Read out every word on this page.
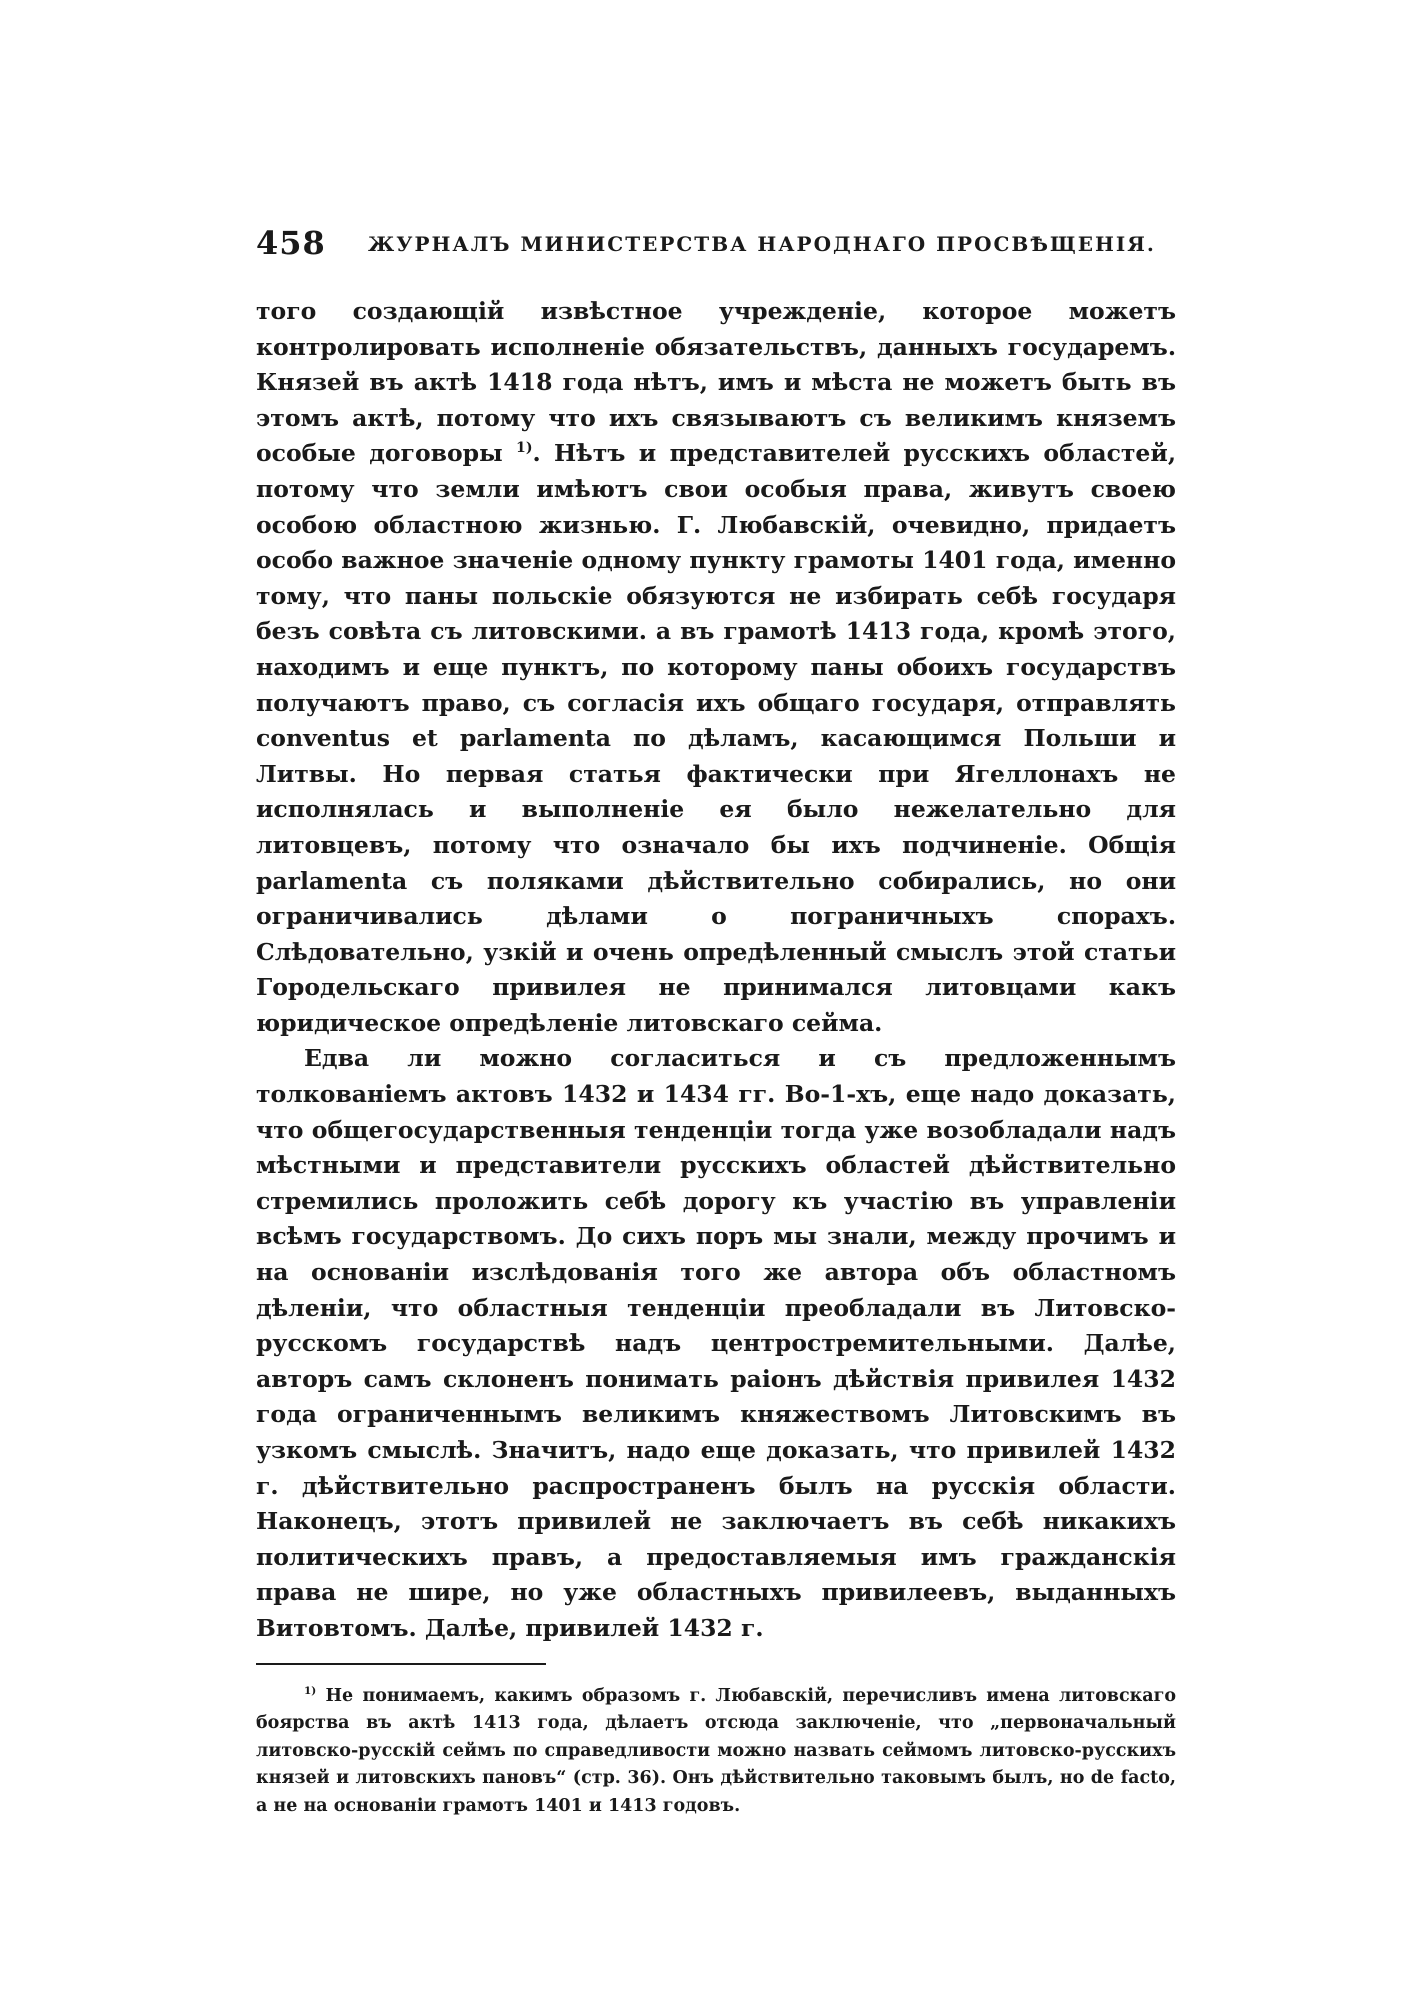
458 ЖУРНАЛЪ МИНИСТЕРСТВА НАРОДНАГО ПРОСВѢЩЕНІЯ.

того создающій извѣстное учрежденіе, которое можетъ контролировать исполненіе обязательствъ, данныхъ государемъ. Князей въ актѣ 1418 года нѣтъ, имъ и мѣста не можетъ быть въ этомъ актѣ, потому что ихъ связываютъ съ великимъ княземъ особые договоры $^{1)}$. Нѣтъ и представителей русскихъ областей, потому что земли имѣютъ свои особыя права, живутъ своею особою областною жизнью. Г. Любавскій, очевидно, придаетъ особо важное значеніе одному пункту грамоты 1401 года, именно тому, что паны польскіе обязуются не избирать себѣ государя безъ совѣта съ литовскими. а въ грамотѣ 1413 года, кромѣ этого, находимъ и еще пунктъ, по которому паны обоихъ государствъ получаютъ право, съ согласія ихъ общаго государя, отправлять conventus et parlamenta по дѣламъ, касающимся Польши и Литвы. Но первая статья фактически при Ягеллонахъ не исполнялась и выполненіе ея было нежелательно для литовцевъ, потому что означало бы ихъ подчиненіе. Общія parlamenta съ поляками дѣйствительно собирались, но они ограничивались дѣлами о пограничныхъ спорахъ. Слѣдовательно, узкій и очень опредѣленный смыслъ этой статьи Городельскаго привилея не принимался литовцами какъ юридическое опредѣленіе литовскаго сейма.

Едва ли можно согласиться и съ предложеннымъ толкованіемъ актовъ 1432 и 1434 гг. Во-1-хъ, еще надо доказать, что общегосударственныя тенденціи тогда уже возобладали надъ мѣстными и представители русскихъ областей дѣйствительно стремились проложить себѣ дорогу къ участію въ управленіи всѣмъ государствомъ. До сихъ поръ мы знали, между прочимъ и на основаніи изслѣдованія того же автора объ областномъ дѣленіи, что областныя тенденціи преобладали въ Литовско-русскомъ государствѣ надъ центростремительными. Далѣе, авторъ самъ склоненъ понимать раіонъ дѣйствія привилея 1432 года ограниченнымъ великимъ княжествомъ Литовскимъ въ узкомъ смыслѣ. Значитъ, надо еще доказать, что привилей 1432 г. дѣйствительно распространенъ былъ на русскія области. Наконецъ, этотъ привилей не заключаетъ въ себѣ никакихъ политическихъ правъ, а предоставляемыя имъ гражданскія права не шире, но уже областныхъ привилеевъ, выданныхъ Витовтомъ. Далѣе, привилей 1432 г.

$^{1)}$ Не понимаемъ, какимъ образомъ г. Любавскій, перечисливъ имена литовскаго боярства въ актѣ 1413 года, дѣлаетъ отсюда заключеніе, что „первоначальный литовско-русскій сеймъ по справедливости можно назвать сеймомъ литовско-русскихъ князей и литовскихъ пановъ“ (стр. 36). Онъ дѣйствительно таковымъ былъ, но de facto, а не на основаніи грамотъ 1401 и 1413 годовъ.
